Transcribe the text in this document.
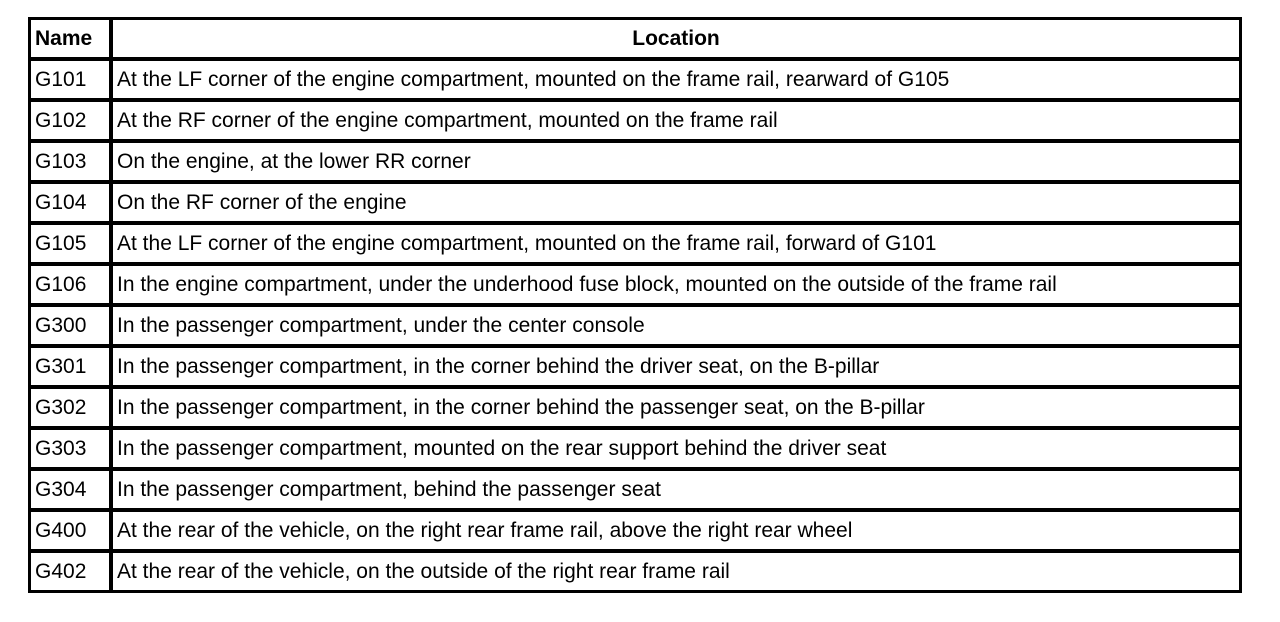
Name	Location
G101	At the LF corner of the engine compartment, mounted on the frame rail, rearward of G105
G102	At the RF corner of the engine compartment, mounted on the frame rail
G103	On the engine, at the lower RR corner
G104	On the RF corner of the engine
G105	At the LF corner of the engine compartment, mounted on the frame rail, forward of G101
G106	In the engine compartment, under the underhood fuse block, mounted on the outside of the frame rail
G300	In the passenger compartment, under the center console
G301	In the passenger compartment, in the corner behind the driver seat, on the B-pillar
G302	In the passenger compartment, in the corner behind the passenger seat, on the B-pillar
G303	In the passenger compartment, mounted on the rear support behind the driver seat
G304	In the passenger compartment, behind the passenger seat
G400	At the rear of the vehicle, on the right rear frame rail, above the right rear wheel
G402	At the rear of the vehicle, on the outside of the right rear frame rail
